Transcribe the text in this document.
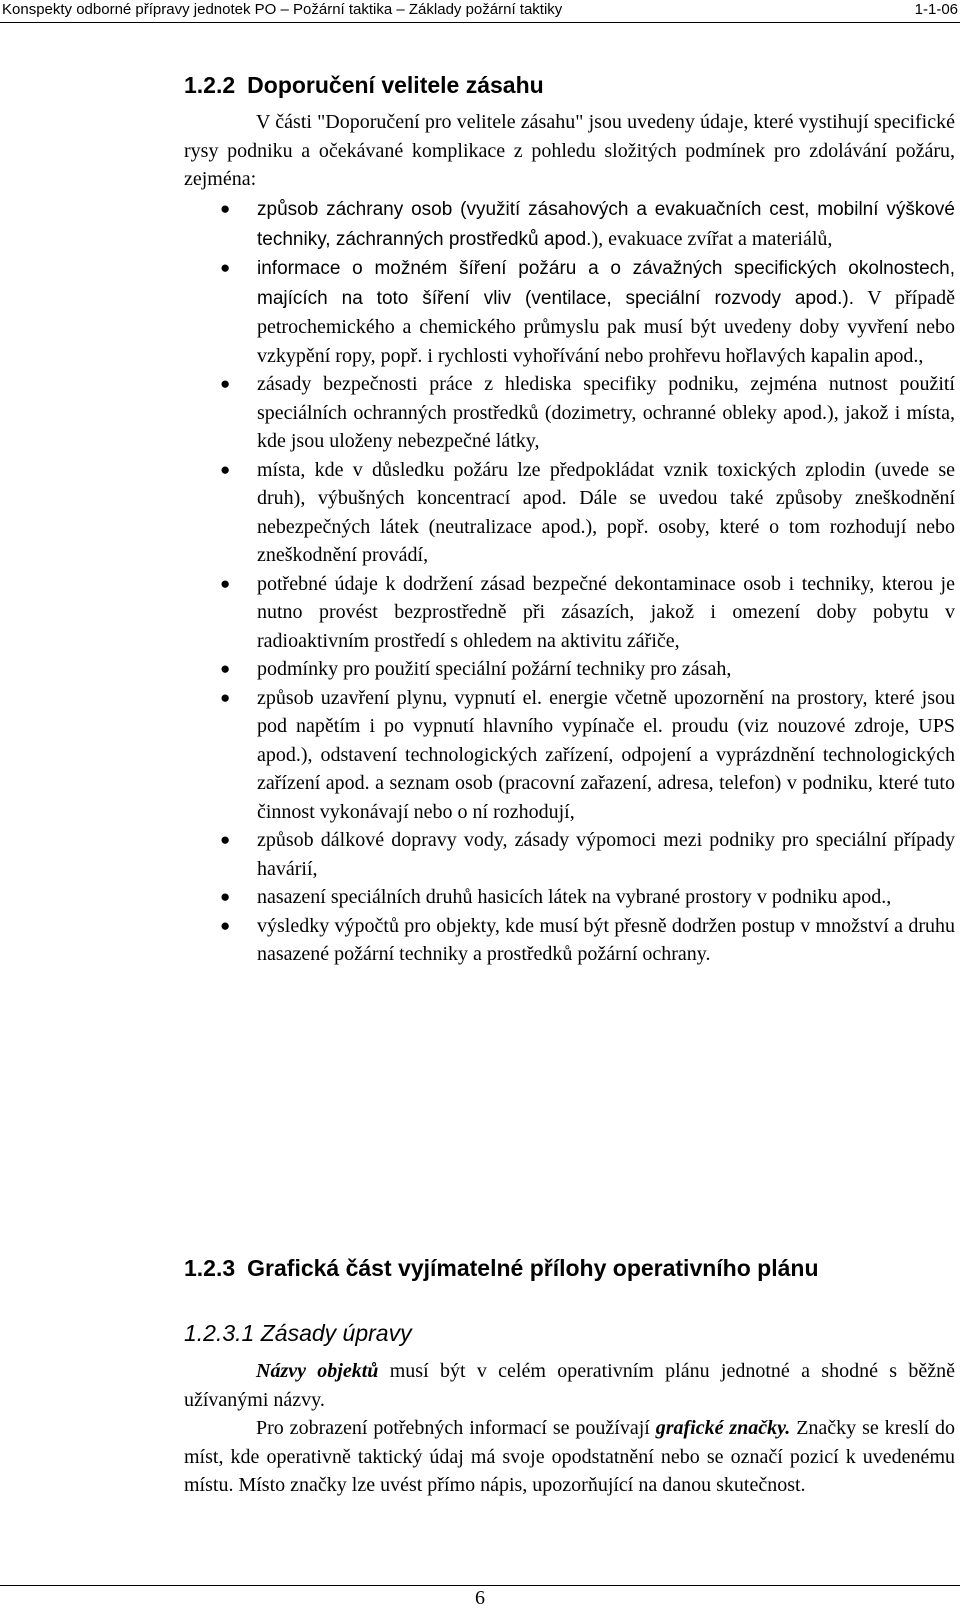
Konspekty odborné přípravy jednotek PO – Požární taktika – Základy požární taktiky	1-1-06
1.2.2 Doporučení velitele zásahu
V části "Doporučení pro velitele zásahu" jsou uvedeny údaje, které vystihují specifické rysy podniku a očekávané komplikace z pohledu složitých podmínek pro zdolávání požáru, zejména:
● způsob záchrany osob (využití zásahových a evakuačních cest, mobilní výškové techniky, záchranných prostředků apod.), evakuace zvířat a materiálů,
● informace o možném šíření požáru a o závažných specifických okolnostech, majících na toto šíření vliv (ventilace, speciální rozvody apod.). V případě petrochemického a chemického průmyslu pak musí být uvedeny doby vyvření nebo vzkypění ropy, popř. i rychlosti vyhořívání nebo prohřevu hořlavých kapalin apod.,
● zásady bezpečnosti práce z hlediska specifiky podniku, zejména nutnost použití speciálních ochranných prostředků (dozimetry, ochranné obleky apod.), jakož i místa, kde jsou uloženy nebezpečné látky,
● místa, kde v důsledku požáru lze předpokládat vznik toxických zplodin (uvede se druh), výbušných koncentrací apod. Dále se uvedou také způsoby zneškodnění nebezpečných látek (neutralizace apod.), popř. osoby, které o tom rozhodují nebo zneškodnění provádí,
● potřebné údaje k dodržení zásad bezpečné dekontaminace osob i techniky, kterou je nutno provést bezprostředně při zásazích, jakož i omezení doby pobytu v radioaktivním prostředí s ohledem na aktivitu zářiče,
● podmínky pro použití speciální požární techniky pro zásah,
● způsob uzavření plynu, vypnutí el. energie včetně upozornění na prostory, které jsou pod napětím i po vypnutí hlavního vypínače el. proudu (viz nouzové zdroje, UPS apod.), odstavení technologických zařízení, odpojení a vyprázdnění technologických zařízení apod. a seznam osob (pracovní zařazení, adresa, telefon) v podniku, které tuto činnost vykonávají nebo o ní rozhodují,
● způsob dálkové dopravy vody, zásady výpomoci mezi podniky pro speciální případy havárií,
● nasazení speciálních druhů hasicích látek na vybrané prostory v podniku apod.,
● výsledky výpočtů pro objekty, kde musí být přesně dodržen postup v množství a druhu nasazené požární techniky a prostředků požární ochrany.
1.2.3 Grafická část vyjímatelné přílohy operativního plánu
1.2.3.1 Zásady úpravy
Názvy objektů musí být v celém operativním plánu jednotné a shodné s běžně užívanými názvy.
Pro zobrazení potřebných informací se používají grafické značky. Značky se kreslí do míst, kde operativně taktický údaj má svoje opodstatnění nebo se označí pozicí k uvedenému místu. Místo značky lze uvést přímo nápis, upozorňující na danou skutečnost.
6
